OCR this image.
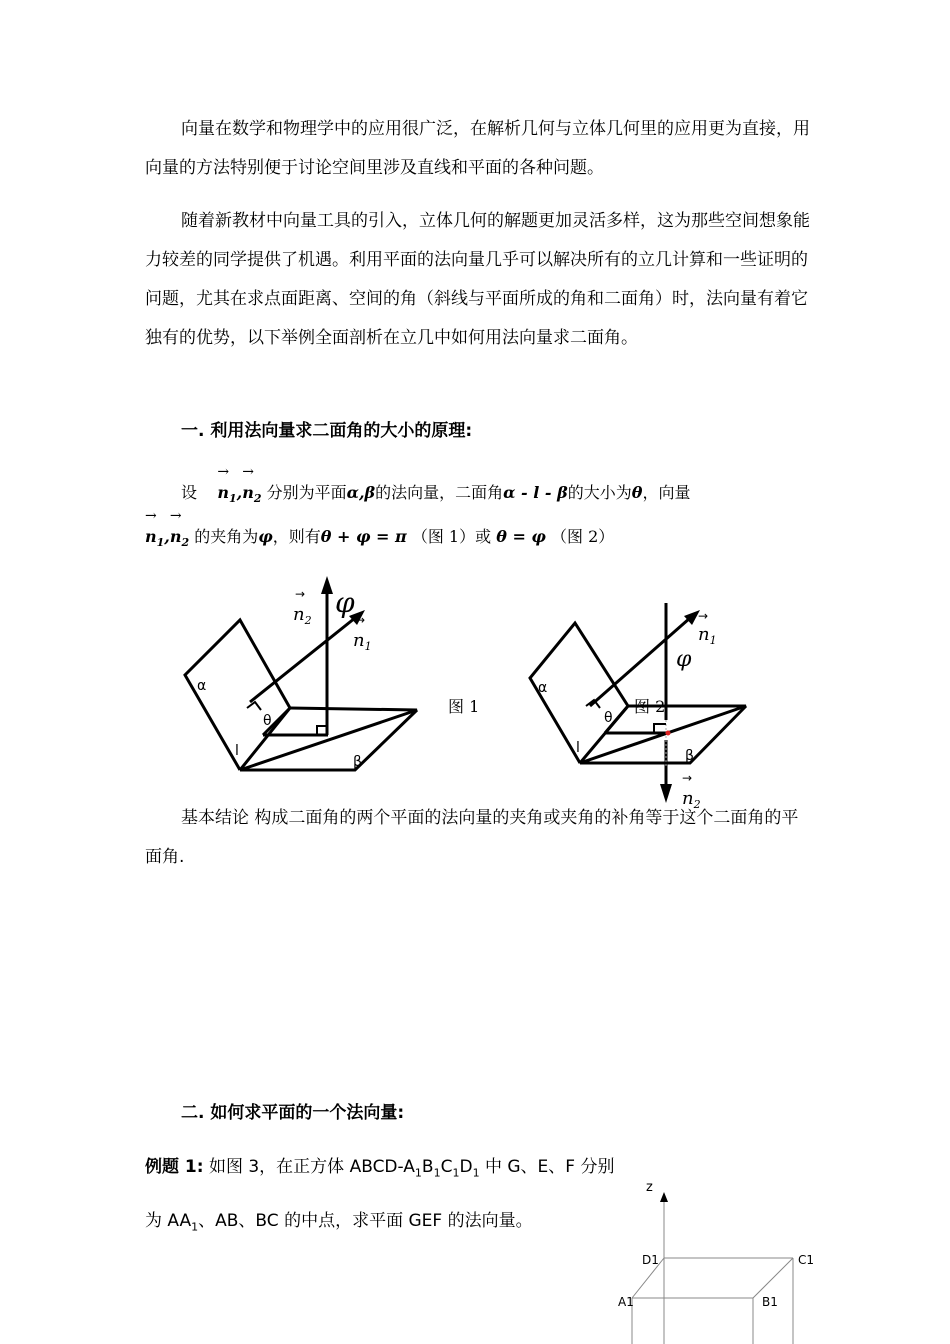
向量在数学和物理学中的应用很广泛，在解析几何与立体几何里的应用更为直接，用向量的方法特别便于讨论空间里涉及直线和平面的各种问题。

随着新教材中向量工具的引入，立体几何的解题更加灵活多样，这为那些空间想象能力较差的同学提供了机遇。利用平面的法向量几乎可以解决所有的立几计算和一些证明的问题，尤其在求点面距离、空间的角（斜线与平面所成的角和二面角）时，法向量有着它独有的优势，以下举例全面剖析在立几中如何用法向量求二面角。

一. 利用法向量求二面角的大小的原理:

设    → $n_1,\to n_2$ 分别为平面α,β的法向量，二面角α - l - β的大小为θ，向量
→ $n_1,\to n_2$ 的夹角为φ，则有θ + φ = π （图 1）或 θ = φ （图 2）
α
θ
l
β
φ
$n_2$
$n_1$
→
→
图 1
α
θ
l	β
φ
$n_1$
$n_2$
→
→
图 2

基本结论 构成二面角的两个平面的法向量的夹角或夹角的补角等于这个二面角的平面角.

二. 如何求平面的一个法向量:

例题 1: 如图 3，在正方体 ABCD-$A_1B_1C_1D_1$ 中 G、E、F 分别
为 $AA_1$、AB、BC 的中点，求平面 GEF 的法向量。
z
D1	C1
A1	B1
